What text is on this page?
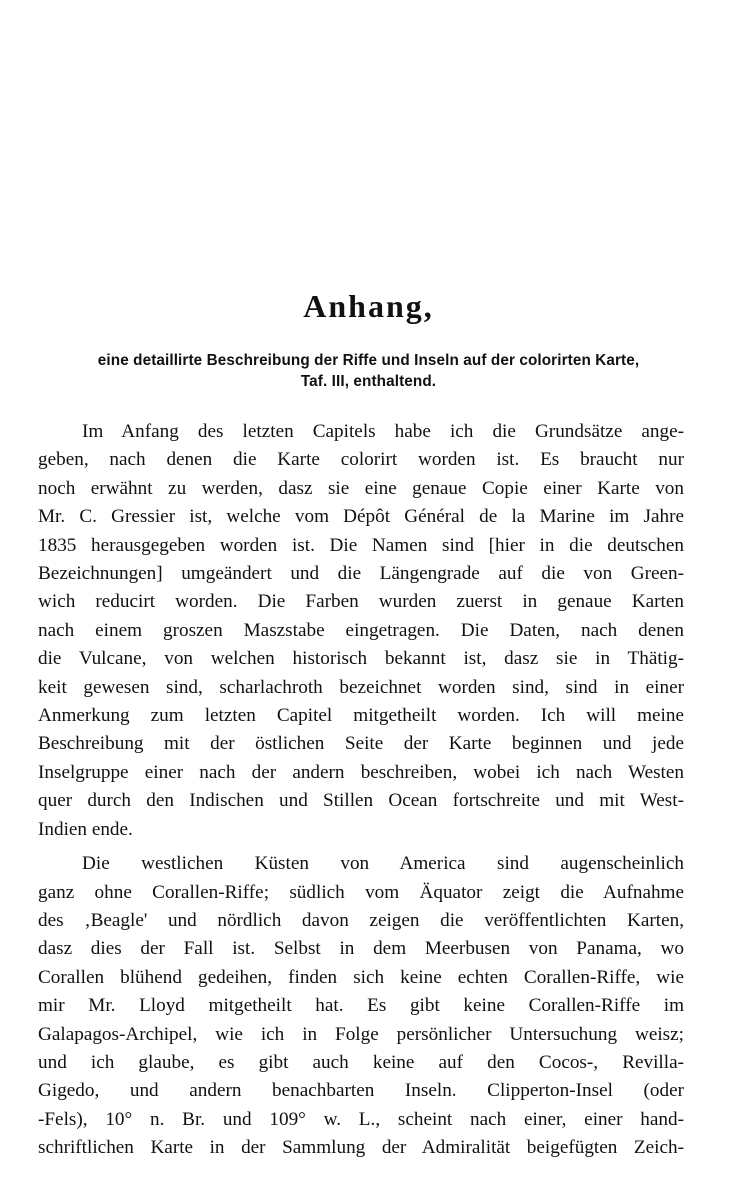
Anhang,
eine detaillirte Beschreibung der Riffe und Inseln auf der colorirten Karte,
Taf. III, enthaltend.

Im Anfang des letzten Capitels habe ich die Grundsätze ange-
geben, nach denen die Karte colorirt worden ist. Es braucht nur
noch erwähnt zu werden, dasz sie eine genaue Copie einer Karte von
Mr. C. Gressier ist, welche vom Dépôt Général de la Marine im Jahre
1835 herausgegeben worden ist. Die Namen sind [hier in die deutschen
Bezeichnungen] umgeändert und die Längengrade auf die von Green-
wich reducirt worden. Die Farben wurden zuerst in genaue Karten
nach einem groszen Maszstabe eingetragen. Die Daten, nach denen
die Vulcane, von welchen historisch bekannt ist, dasz sie in Thätig-
keit gewesen sind, scharlachroth bezeichnet worden sind, sind in einer
Anmerkung zum letzten Capitel mitgetheilt worden. Ich will meine
Beschreibung mit der östlichen Seite der Karte beginnen und jede
Inselgruppe einer nach der andern beschreiben, wobei ich nach Westen
quer durch den Indischen und Stillen Ocean fortschreite und mit West-
Indien ende.

Die westlichen Küsten von America sind augenscheinlich
ganz ohne Corallen-Riffe; südlich vom Äquator zeigt die Aufnahme
des ‚Beagle' und nördlich davon zeigen die veröffentlichten Karten,
dasz dies der Fall ist. Selbst in dem Meerbusen von Panama, wo
Corallen blühend gedeihen, finden sich keine echten Corallen-Riffe, wie
mir Mr. Lloyd mitgetheilt hat. Es gibt keine Corallen-Riffe im
Galapagos-Archipel, wie ich in Folge persönlicher Untersuchung weisz;
und ich glaube, es gibt auch keine auf den Cocos-, Revilla-
Gigedo, und andern benachbarten Inseln. Clipperton-Insel (oder
-Fels), 10° n. Br. und 109° w. L., scheint nach einer, einer hand-
schriftlichen Karte in der Sammlung der Admiralität beigefügten Zeich-
